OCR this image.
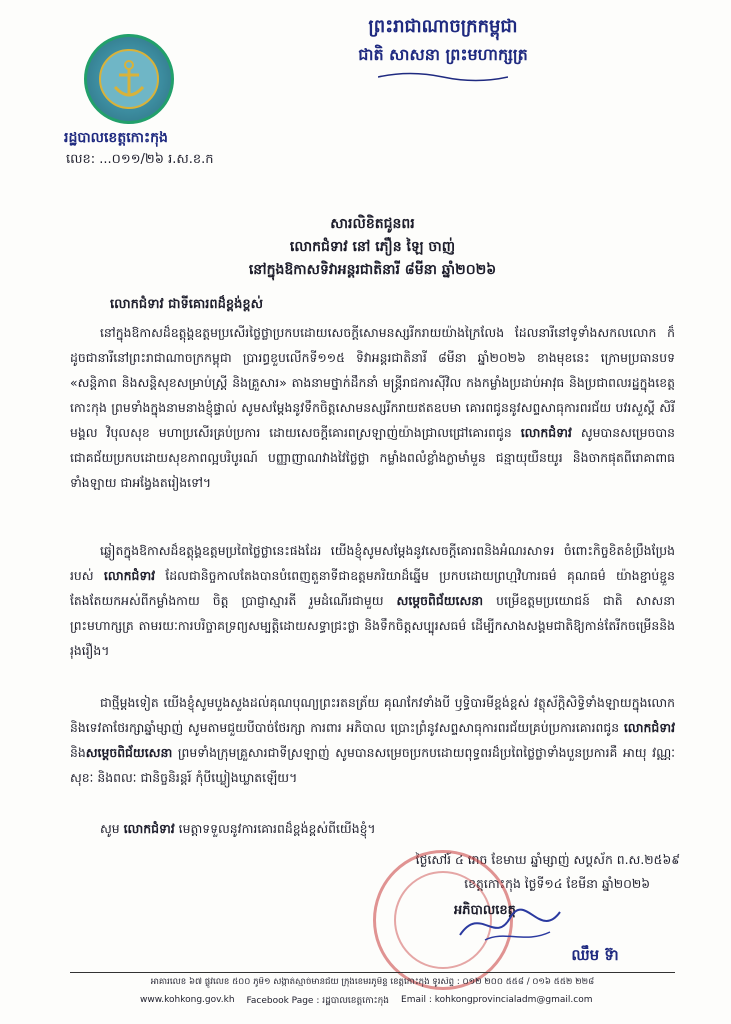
ព្រះរាជាណាចក្រកម្ពុជា
ជាតិ សាសនា ព្រះមហាក្សត្រ
រដ្ឋបាលខេត្តកោះកុង
លេខ: ...០១១/២៦ រ.ស.ខ.ក
សារលិខិតជូនពរ
លោកជំទាវ នៅ ភឿន ឡៃ ចាញ់
នៅក្នុងឱកាសទិវាអន្តរជាតិនារី ៨មីនា ឆ្នាំ២០២៦
លោកជំទាវ ជាទីគោរពដ៏ខ្ពង់ខ្ពស់

នៅក្នុងឱកាសដ៏ឧត្តុង្គឧត្តមប្រសើរថ្លៃថ្លាប្រកបដោយសេចក្តីសោមនស្សរីករាយយ៉ាងក្រៃលែង ដែលនារីនៅទូទាំងសកលលោក ក៏ដូចជានារីនៅព្រះរាជាណាចក្រកម្ពុជា ប្រារព្ធខួបលើកទី១១៥ ទិវាអន្តរជាតិនារី ៨មីនា ឆ្នាំ២០២៦ ខាងមុខនេះ ក្រោមប្រធានបទ «សន្តិភាព និងសន្តិសុខសម្រាប់ស្ត្រី និងគ្រួសារ» តាងនាមថ្នាក់ដឹកនាំ មន្ត្រីរាជការស៊ីវិល កងកម្លាំងប្រដាប់អាវុធ និងប្រជាពលរដ្ឋក្នុងខេត្តកោះកុង ព្រមទាំងក្នុងនាមនាងខ្ញុំផ្ទាល់ សូមសម្តែងនូវទឹកចិត្តសោមនស្សរីករាយឥតឧបមា គោរពជូននូវសព្ទសាធុការពរជ័យ បវរសួស្តី សិរីមង្គល វិបុលសុខ មហាប្រសើរគ្រប់ប្រការ ដោយសេចក្តីគោរពស្រឡាញ់យ៉ាងជ្រាលជ្រៅគោរពជូន លោកជំទាវ សូមបានសម្រេចបានជោគជ័យប្រកបដោយសុខភាពល្អបរិបូរណ៍ បញ្ញាញាណវាងវៃថ្លៃថ្លា កម្លាំងពលំខ្លាំងក្លាមាំមួន ជន្មាយុយឺនយូរ និងចាកផុតពីរោគាពាធទាំងឡាយ ជាអង្វែងតរៀងទៅ។

ឆ្លៀតក្នុងឱកាសដ៏ឧត្តុង្គឧត្តមប្រពៃថ្លៃថ្លានេះផងដែរ យើងខ្ញុំសូមសម្តែងនូវសេចក្តីគោរពនិងអំណរសាទរ ចំពោះកិច្ចខិតខំប្រឹងប្រែងរបស់ លោកជំទាវ ដែលជានិច្ចកាលតែងបានបំពេញតួនាទីជាឧត្តមភរិយាដ៏ឆ្នើម ប្រកបដោយព្រហ្មវិហារធម៌ គុណធម៌ យ៉ាងខ្ជាប់ខ្ជួន តែងតែយកអស់ពីកម្លាំងកាយ ចិត្ត ប្រាជ្ញាស្មារតី រួមដំណើរជាមួយ សម្តេចពិជ័យសេនា បម្រើឧត្តមប្រយោជន៍ ជាតិ សាសនា ព្រះមហាក្សត្រ តាមរយៈការបរិច្ចាគទ្រព្យសម្បត្តិដោយសទ្ធាជ្រះថ្លា និងទឹកចិត្តសប្បុរសធម៌ ដើម្បីកសាងសង្គមជាតិឱ្យកាន់តែរីកចម្រើននិងរុងរឿង។

ជាថ្មីម្តងទៀត យើងខ្ញុំសូមបួងសួងដល់គុណបុណ្យព្រះរតនត្រ័យ គុណកែវទាំងបី ឫទ្ធិបារមីខ្ពង់ខ្ពស់ វត្ថុស័ក្តិសិទ្ធិទាំងឡាយក្នុងលោក និងទេវតាថែរក្សាឆ្នាំម្សាញ់ សូមតាមជួយបីបាច់ថែរក្សា ការពារ អភិបាល ប្រោះព្រំនូវសព្ទសាធុការពរជ័យគ្រប់ប្រការគោរពជូន លោកជំទាវ និងសម្តេចពិជ័យសេនា ព្រមទាំងក្រុមគ្រួសារជាទីស្រឡាញ់ សូមបានសម្រេចប្រកបដោយពុទ្ធពរដ៏ប្រពៃថ្លៃថ្លាទាំងបួនប្រការគឺ អាយុ វណ្ណៈ សុខៈ និងពលៈ ជានិច្ចនិរន្តរ៍ កុំបីឃ្លៀងឃ្លាតឡើយ។

សូម លោកជំទាវ មេត្តាទទួលនូវការគោរពដ៏ខ្ពង់ខ្ពស់ពីយើងខ្ញុំ។

ថ្ងៃសៅរ៍ ៤ រោច ខែមាឃ ឆ្នាំម្សាញ់ សប្តស័ក ព.ស.២៥៦៩
ខេត្តកោះកុង ថ្ងៃទី១៤ ខែមីនា ឆ្នាំ២០២៦
អភិបាលខេត្ត
ឈឹម ទ៊ា
អាគារលេខ ៦៧ ផ្លូវលេខ ៥០០ ភូមិ១ សង្កាត់ស្មាច់មានជ័យ ក្រុងខេមរភូមិន្ទ ខេត្តកោះកុង ទូរស័ព្ទ : ០១២ ២០០ ៥៥៨ / ០១៦ ៥៥២ ២២៨
www.kohkong.gov.kh Facebook Page : រដ្ឋបាលខេត្តកោះកុង Email : kohkongprovincialadm@gmail.com
